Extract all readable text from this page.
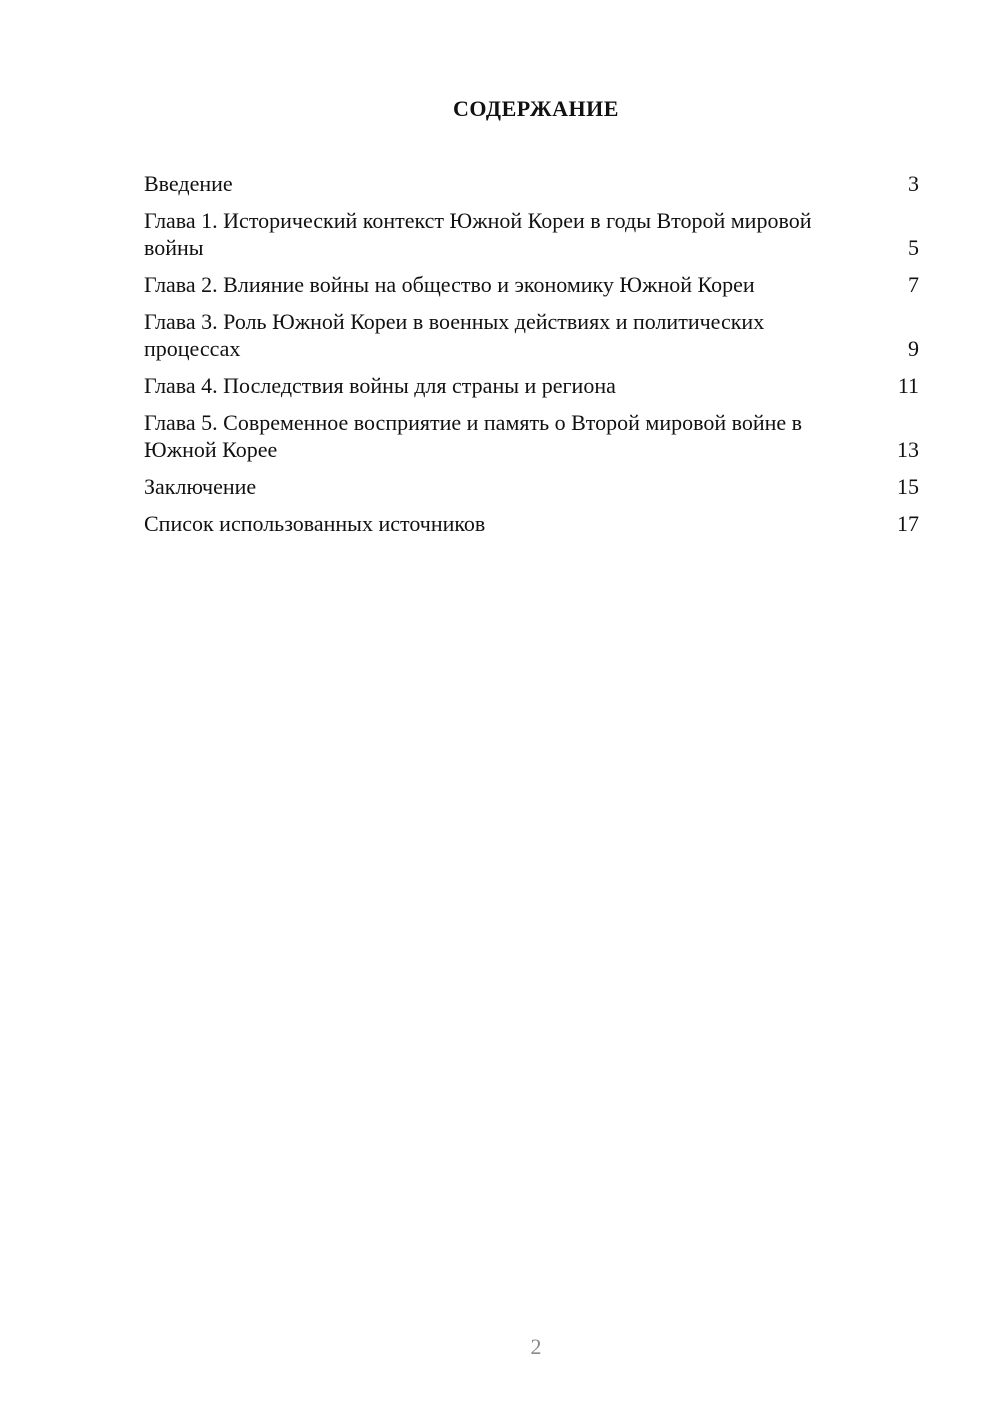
СОДЕРЖАНИЕ
Введение	3
Глава 1. Исторический контекст Южной Кореи в годы Второй мировой войны	5
Глава 2. Влияние войны на общество и экономику Южной Кореи	7
Глава 3. Роль Южной Кореи в военных действиях и политических процессах	9
Глава 4. Последствия войны для страны и региона	11
Глава 5. Современное восприятие и память о Второй мировой войне в Южной Корее	13
Заключение	15
Список использованных источников	17
2
